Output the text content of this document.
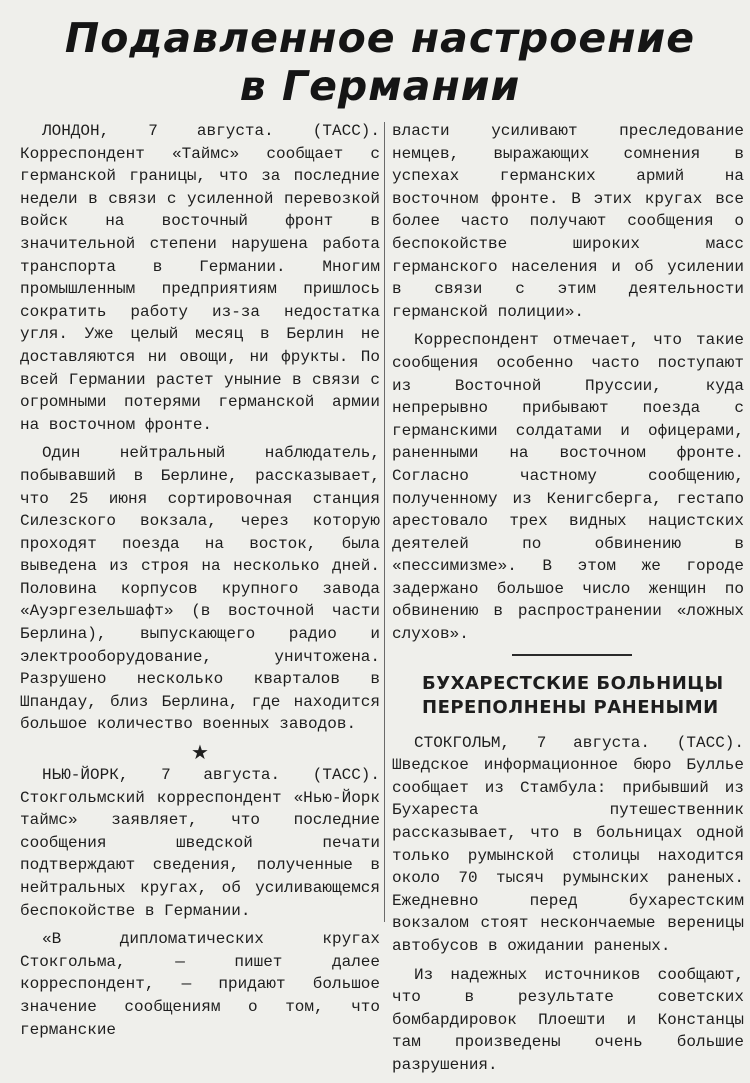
Подавленное настроение
в Германии

ЛОНДОН, 7 августа. (ТАСС). Корреспондент «Таймс» сообщает с германской границы, что за последние недели в связи с усиленной перевозкой войск на восточный фронт в значительной степени нарушена работа транспорта в Германии. Многим промышленным предприятиям пришлось сократить работу из-за недостатка угля. Уже целый месяц в Берлин не доставляются ни овощи, ни фрукты. По всей Германии растет уныние в связи с огромными потерями германской армии на восточном фронте.

Один нейтральный наблюдатель, побывавший в Берлине, рассказывает, что 25 июня сортировочная станция Силезского вокзала, через которую проходят поезда на восток, была выведена из строя на несколько дней. Половина корпусов крупного завода «Ауэргезельшафт» (в восточной части Берлина), выпускающего радио и электрооборудование, уничтожена. Разрушено несколько кварталов в Шпандау, близ Берлина, где находится большое количество военных заводов.

★

НЬЮ-ЙОРК, 7 августа. (ТАСС). Стокгольмский корреспондент «Нью-Йорк таймс» заявляет, что последние сообщения шведской печати подтверждают сведения, полученные в нейтральных кругах, об усиливающемся беспокойстве в Германии.

«В дипломатических кругах Стокгольма, — пишет далее корреспондент, — придают большое значение сообщениям о том, что германские

власти усиливают преследование немцев, выражающих сомнения в успехах германских армий на восточном фронте. В этих кругах все более часто получают сообщения о беспокойстве широких масс германского населения и об усилении в связи с этим деятельности германской полиции».

Корреспондент отмечает, что такие сообщения особенно часто поступают из Восточной Пруссии, куда непрерывно прибывают поезда с германскими солдатами и офицерами, раненными на восточном фронте. Согласно частному сообщению, полученному из Кенигсберга, гестапо арестовало трех видных нацистских деятелей по обвинению в «пессимизме». В этом же городе задержано большое число женщин по обвинению в распространении «ложных слухов».

БУХАРЕСТСКИЕ БОЛЬНИЦЫ
ПЕРЕПОЛНЕНЫ РАНЕНЫМИ

СТОКГОЛЬМ, 7 августа. (ТАСС). Шведское информационное бюро Буллье сообщает из Стамбула: прибывший из Бухареста путешественник рассказывает, что в больницах одной только румынской столицы находится около 70 тысяч румынских раненых. Ежедневно перед бухарестским вокзалом стоят нескончаемые вереницы автобусов в ожидании раненых.

Из надежных источников сообщают, что в результате советских бомбардировок Плоешти и Констанцы там произведены очень большие разрушения.
